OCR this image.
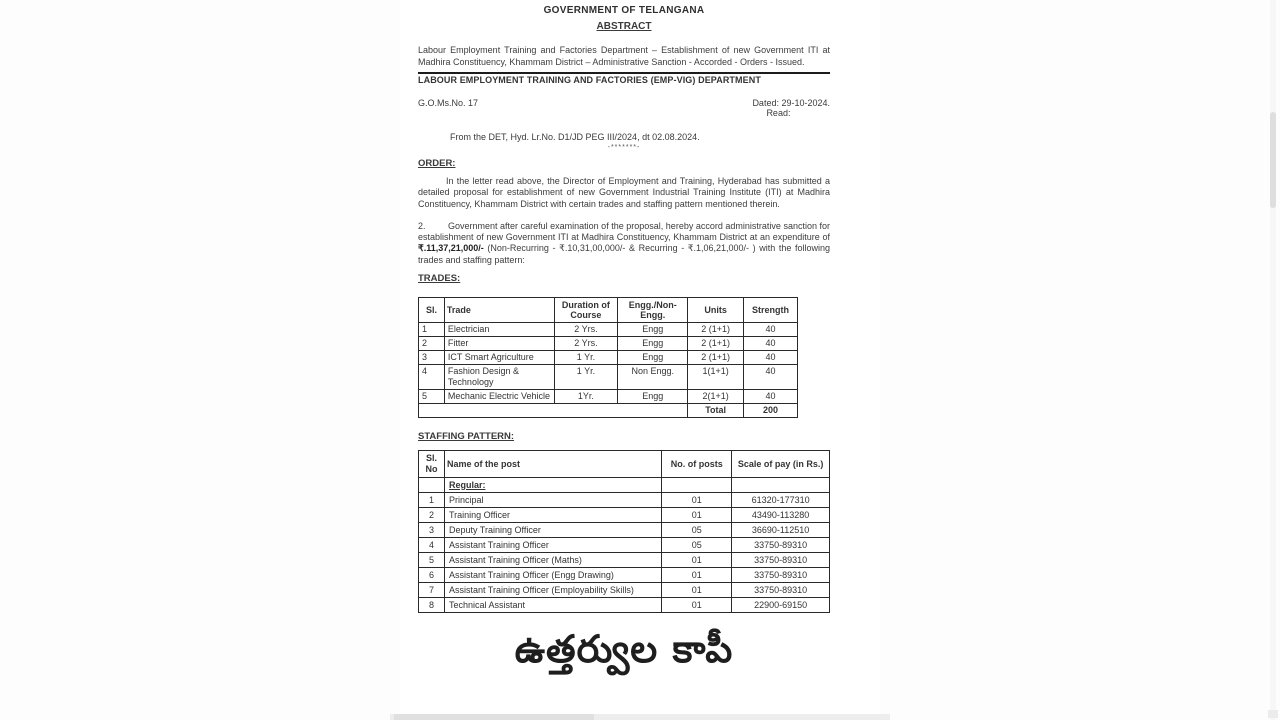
GOVERNMENT OF TELANGANA
ABSTRACT
Labour Employment Training and Factories Department – Establishment of new Government ITI at Madhira Constituency, Khammam District – Administrative Sanction - Accorded - Orders - Issued.
LABOUR EMPLOYMENT TRAINING AND FACTORIES (EMP-VIG) DEPARTMENT
G.O.Ms.No. 17	Dated: 29-10-2024.
Read:
From the DET, Hyd. Lr.No. D1/JD PEG III/2024, dt 02.08.2024.
-*******-
ORDER:
In the letter read above, the Director of Employment and Training, Hyderabad has submitted a detailed proposal for establishment of new Government Industrial Training Institute (ITI) at Madhira Constituency, Khammam District with certain trades and staffing pattern mentioned therein.
2. Government after careful examination of the proposal, hereby accord administrative sanction for establishment of new Government ITI at Madhira Constituency, Khammam District at an expenditure of ₹.11,37,21,000/- (Non-Recurring - ₹.10,31,00,000/- & Recurring - ₹.1,06,21,000/- ) with the following trades and staffing pattern:
TRADES:
Sl.	Trade	Duration of Course	Engg./Non-Engg.	Units	Strength
1	Electrician	2 Yrs.	Engg	2 (1+1)	40
2	Fitter	2 Yrs.	Engg	2 (1+1)	40
3	ICT Smart Agriculture	1 Yr.	Engg	2 (1+1)	40
4	Fashion Design & Technology	1 Yr.	Non Engg.	1(1+1)	40
5	Mechanic Electric Vehicle	1Yr.	Engg	2(1+1)	40
				Total	200
STAFFING PATTERN:
Sl. No	Name of the post	No. of posts	Scale of pay (in Rs.)
	Regular:		
1	Principal	01	61320-177310
2	Training Officer	01	43490-113280
3	Deputy Training Officer	05	36690-112510
4	Assistant Training Officer	05	33750-89310
5	Assistant Training Officer (Maths)	01	33750-89310
6	Assistant Training Officer (Engg Drawing)	01	33750-89310
7	Assistant Training Officer (Employability Skills)	01	33750-89310
8	Technical Assistant	01	22900-69150
ఉత్తర్వుల కాపీ
